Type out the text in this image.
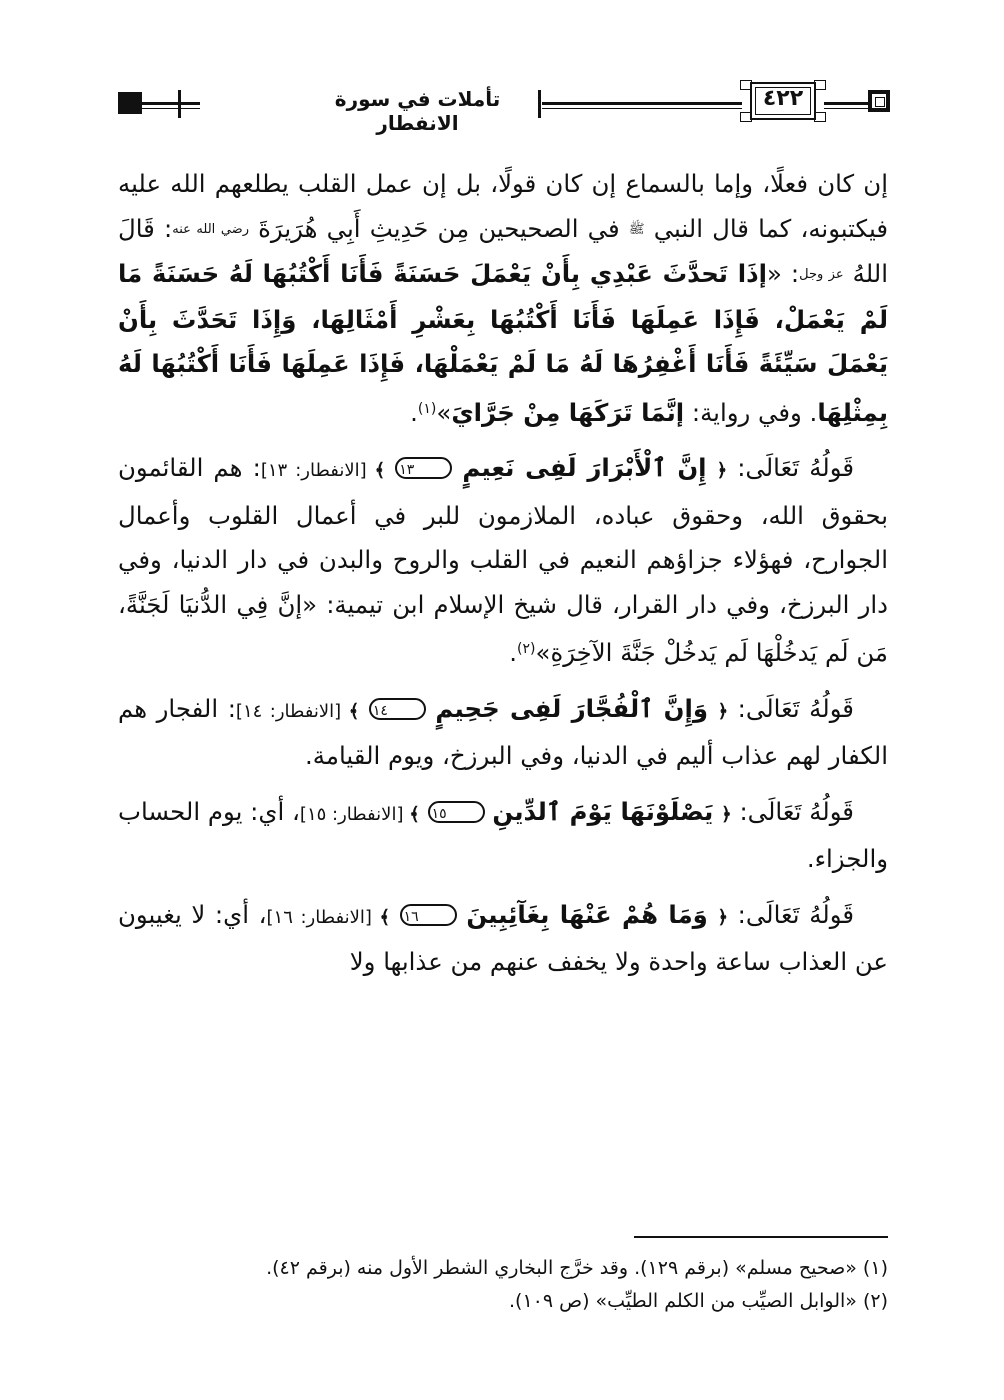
تأملات في سورة الانفطار
٤٢٢

إن كان فعلًا، وإما بالسماع إن كان قولًا، بل إن عمل القلب يطلعهم الله عليه فيكتبونه، كما قال النبي ﷺ في الصحيحين مِن حَدِيثِ أَبِي هُرَيرَةَ رضي الله عنه: قَالَ اللهُ عز وجل: «إذَا تَحدَّثَ عَبْدِي بِأَنْ يَعْمَلَ حَسَنَةً فَأَنَا أَكْتُبُهَا لَهُ حَسَنَةً مَا لَمْ يَعْمَلْ، فَإِذَا عَمِلَهَا فَأَنَا أَكْتُبُهَا بِعَشْرِ أَمْثَالِهَا، وَإِذَا تَحَدَّثَ بِأَنْ يَعْمَلَ سَيِّئَةً فَأَنَا أَغْفِرُهَا لَهُ مَا لَمْ يَعْمَلْهَا، فَإِذَا عَمِلَهَا فَأَنَا أَكْتُبُهَا لَهُ بِمِثْلِهَا. وفي رواية: إنَّمَا تَرَكَهَا مِنْ جَرَّايَ»$^{(١)}$.

قَولُهُ تَعَالَى: ﴿ إِنَّ ٱلْأَبْرَارَ لَفِى نَعِيمٍ ١٣ ﴾ [الانفطار: ١٣]: هم القائمون بحقوق الله، وحقوق عباده، الملازمون للبر في أعمال القلوب وأعمال الجوارح، فهؤلاء جزاؤهم النعيم في القلب والروح والبدن في دار الدنيا، وفي دار البرزخ، وفي دار القرار، قال شيخ الإسلام ابن تيمية: «إنَّ فِي الدُّنيَا لَجَنَّةً، مَن لَم يَدخُلْهَا لَم يَدخُلْ جَنَّةَ الآخِرَةِ»$^{(٢)}$.

قَولُهُ تَعَالَى: ﴿ وَإِنَّ ٱلْفُجَّارَ لَفِى جَحِيمٍ ١٤ ﴾ [الانفطار: ١٤]: الفجار هم الكفار لهم عذاب أليم في الدنيا، وفي البرزخ، ويوم القيامة.

قَولُهُ تَعَالَى: ﴿ يَصْلَوْنَهَا يَوْمَ ٱلدِّينِ ١٥ ﴾ [الانفطار: ١٥]، أي: يوم الحساب والجزاء.

قَولُهُ تَعَالَى: ﴿ وَمَا هُمْ عَنْهَا بِغَآئِبِينَ ١٦ ﴾ [الانفطار: ١٦]، أي: لا يغيبون عن العذاب ساعة واحدة ولا يخفف عنهم من عذابها ولا

(١) «صحيح مسلم» (برقم ١٢٩). وقد خرَّج البخاري الشطر الأول منه (برقم ٤٢).

(٢) «الوابل الصيِّب من الكلم الطيِّب» (ص ١٠٩).
